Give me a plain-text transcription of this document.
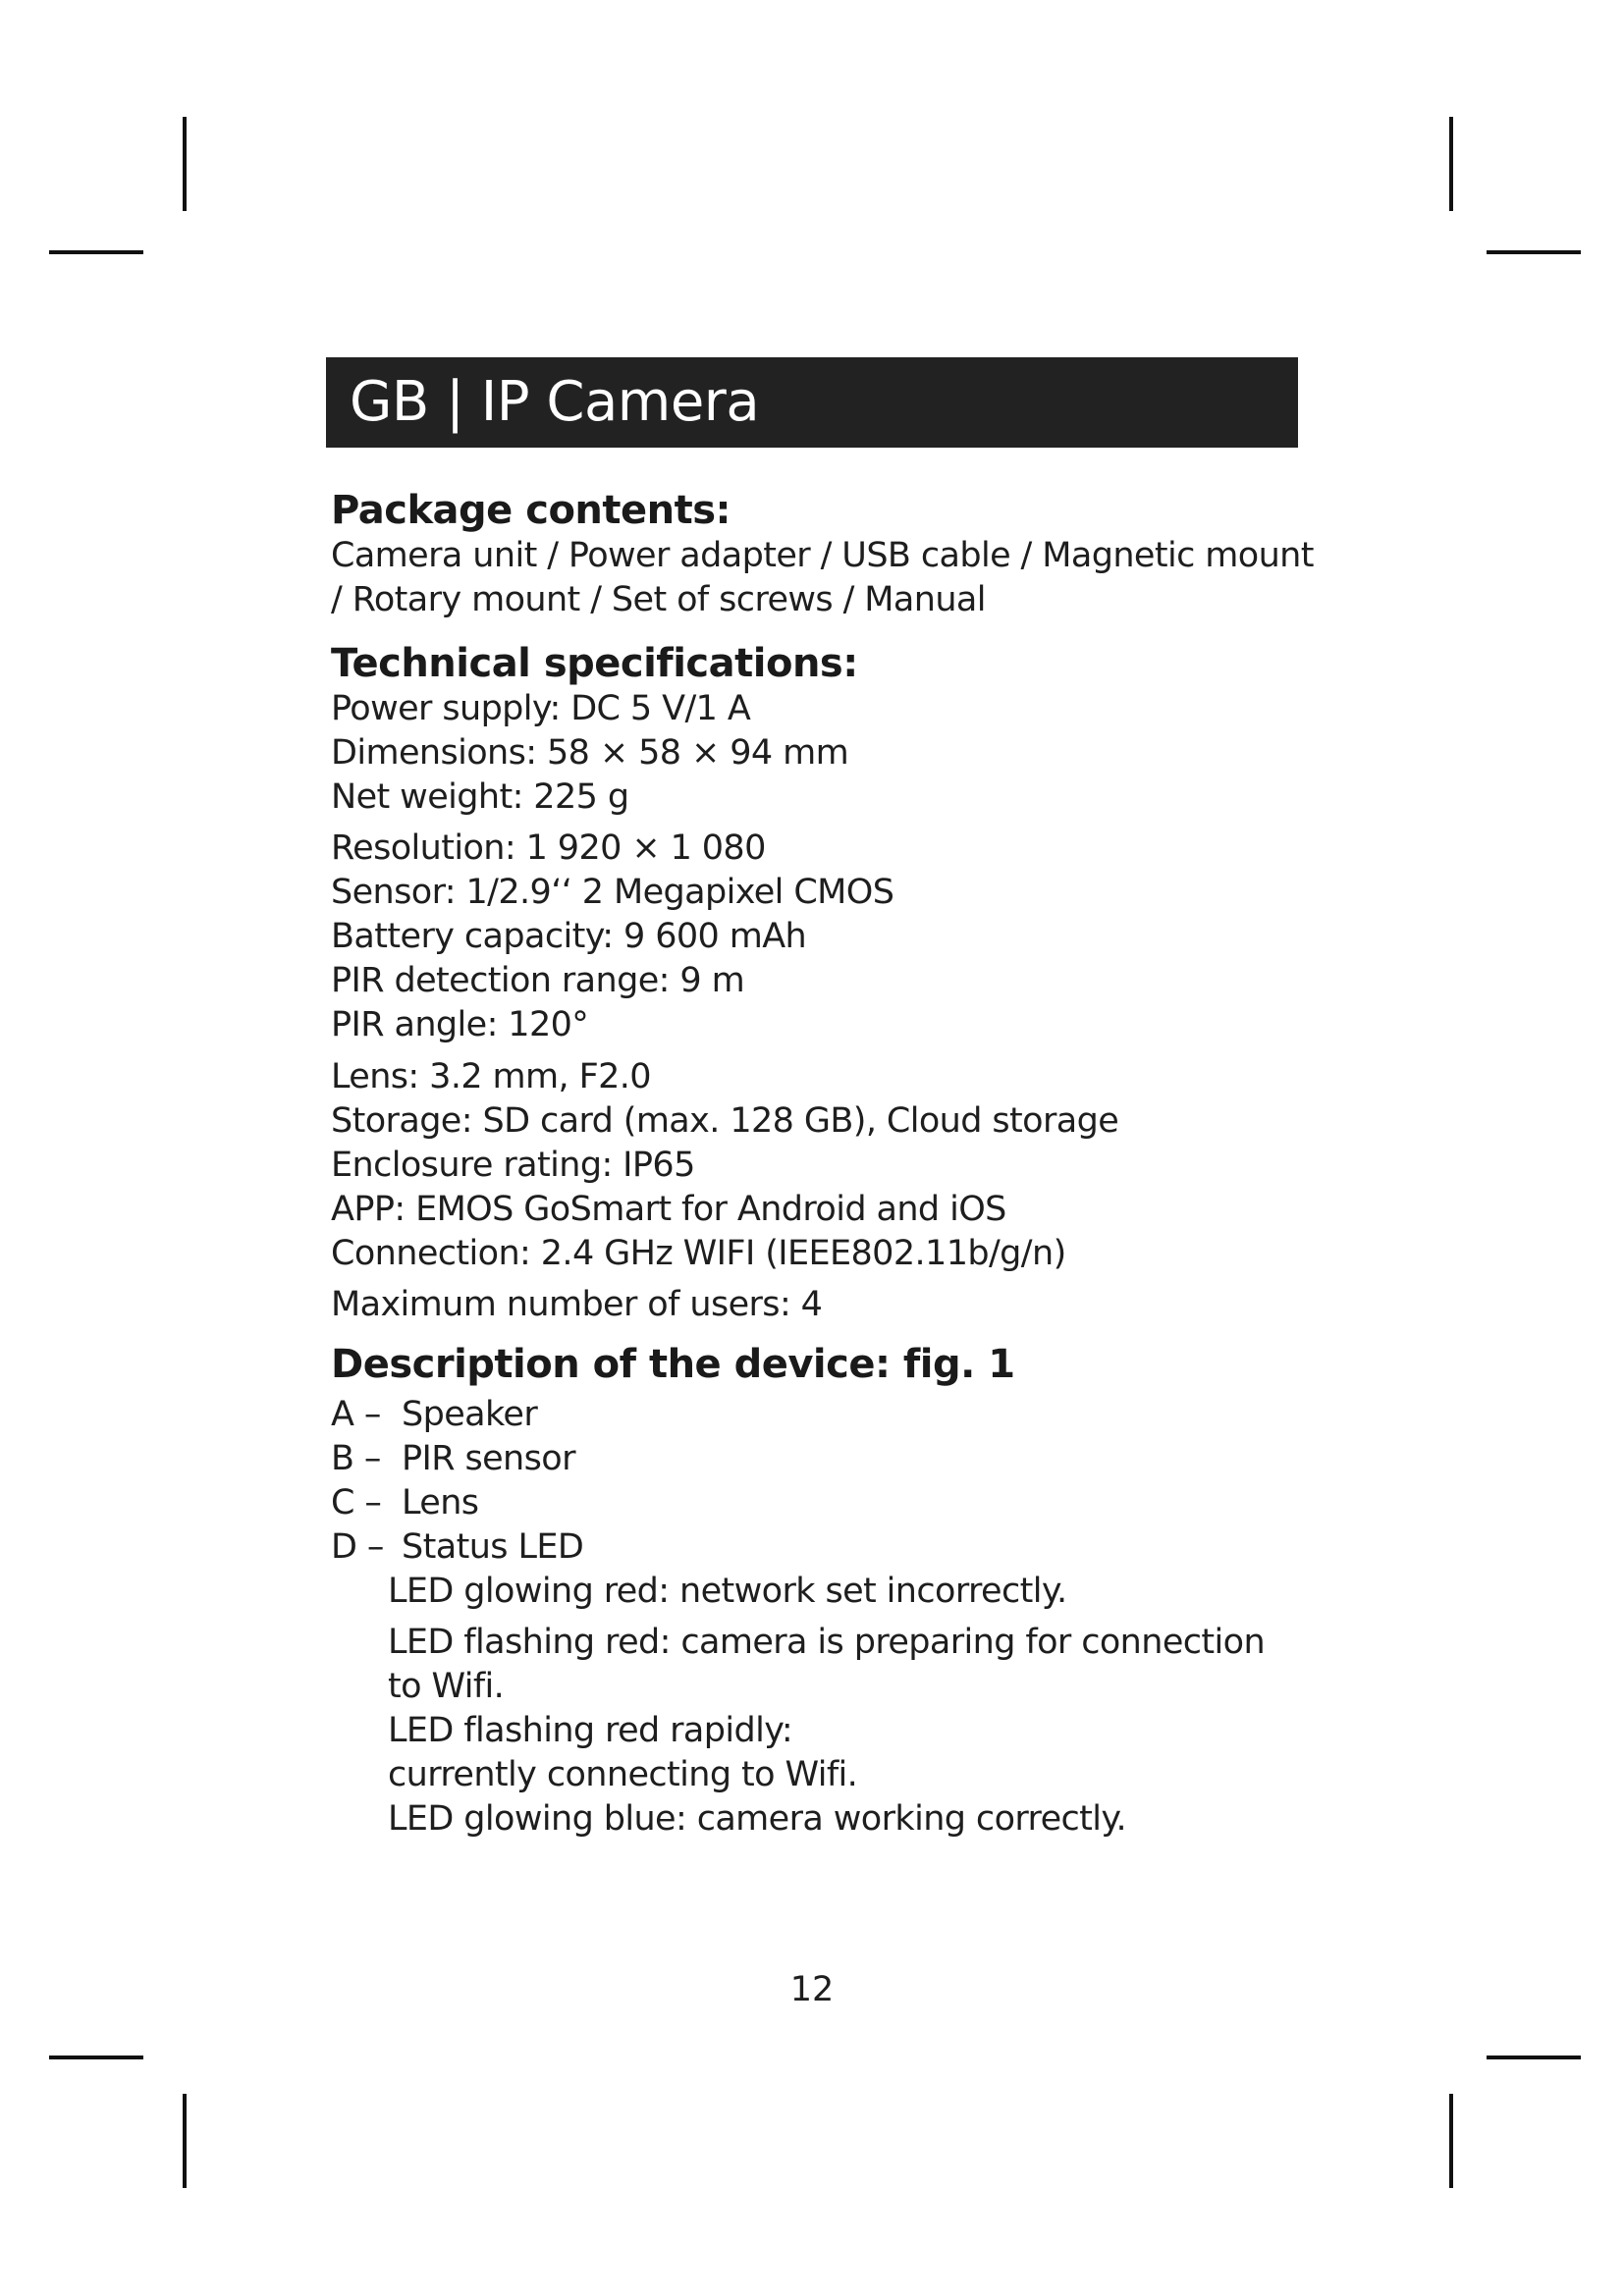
GB | IP Camera
Package contents:
Camera unit / Power adapter / USB cable / Magnetic mount
/ Rotary mount / Set of screws / Manual
Technical specifications:
Power supply: DC 5 V/1 A
Dimensions: 58 × 58 × 94 mm
Net weight: 225 g
Resolution: 1 920 × 1 080
Sensor: 1/2.9‘‘ 2 Megapixel CMOS
Battery capacity: 9 600 mAh
PIR detection range: 9 m
PIR angle: 120°
Lens: 3.2 mm, F2.0
Storage: SD card (max. 128 GB), Cloud storage
Enclosure rating: IP65
APP: EMOS GoSmart for Android and iOS
Connection: 2.4 GHz WIFI (IEEE802.11b/g/n)
Maximum number of users: 4
Description of the device: fig. 1
A – Speaker
B – PIR sensor
C – Lens
D – Status LED
LED glowing red: network set incorrectly.
LED flashing red: camera is preparing for connection
to Wifi.
LED flashing red rapidly:
currently connecting to Wifi.
LED glowing blue: camera working correctly.
12
